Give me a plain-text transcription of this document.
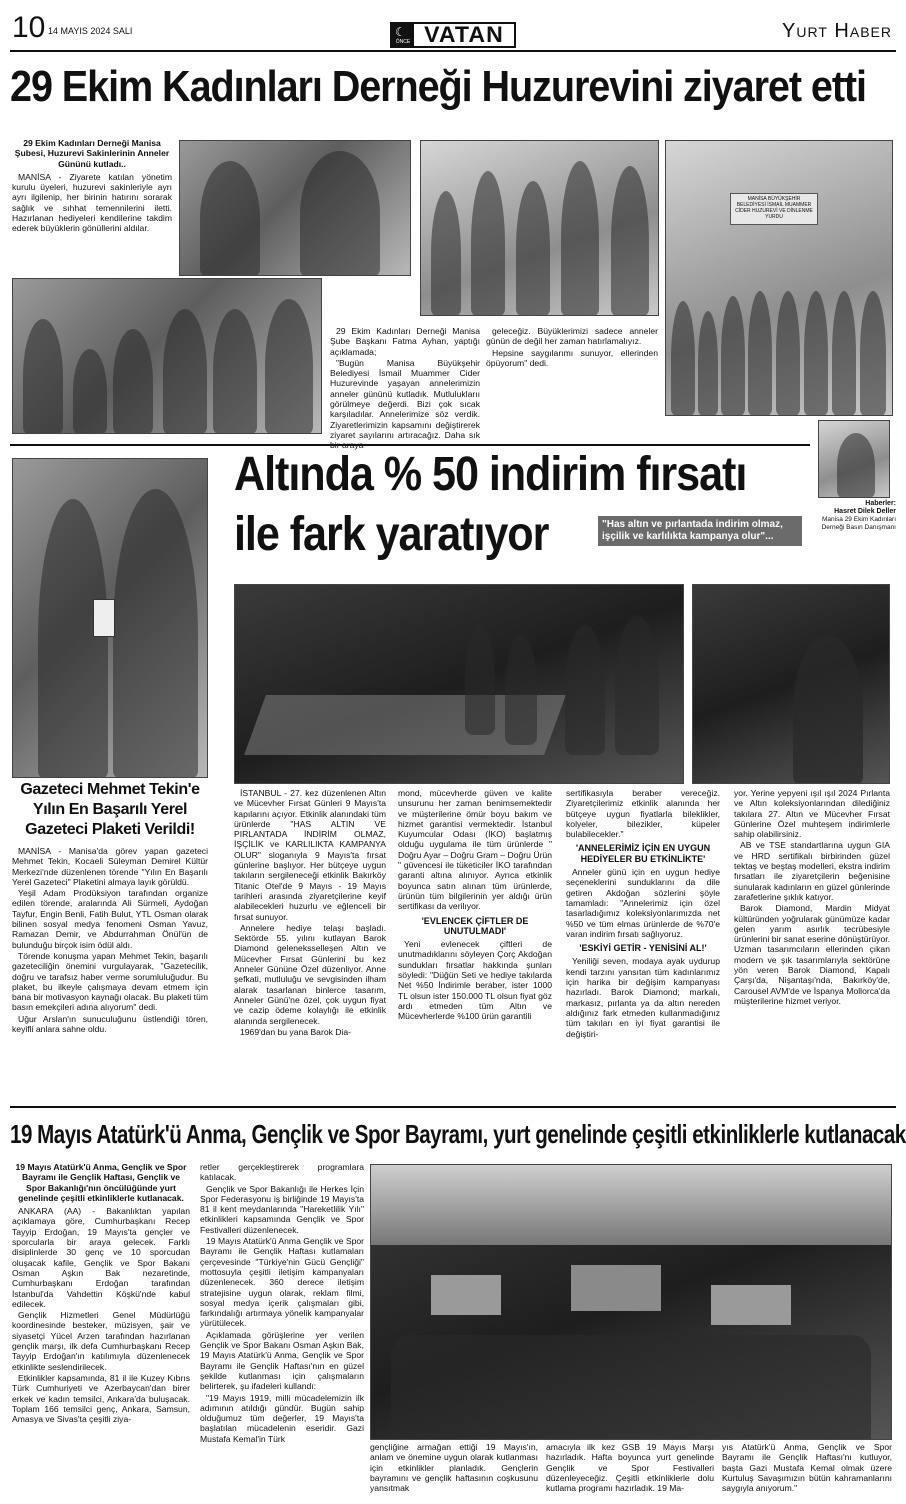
10 14 MAYIS 2024 SALI	☾
ÖNCE VATAN	Yurt Haber
29 Ekim Kadınları Derneği Huzurevini ziyaret etti

29 Ekim Kadınları Derneği Manisa Şubesi, Huzurevi Sakinlerinin Anneler Gününü kutladı..

MANİSA - Ziyarete katılan yönetim kurulu üyeleri, huzurevi sakinleriyle ayrı ayrı ilgilenip, her birinin hatırını sorarak sağlık ve sıhhat temennilerini iletti. Hazırlanan hediyeleri kendilerine takdim ederek büyüklerin gönüllerini aldılar.

MANİSA BÜYÜKŞEHİR BELEDİYESİ İSMAİL MUAMMER CİDER HUZUREVİ VE DİNLENME YURDU

29 Ekim Kadınları Derneği Manisa Şube Başkanı Fatma Ayhan, yaptığı açıklamada;

"Bugün Manisa Büyükşehir Belediyesi İsmail Muammer Cider Huzurevinde yaşayan annelerimizin anneler gününü kutladık. Mutluluklarıı görülmeye değerdi. Bizi çok sıcak karşıladılar. Annelerimize söz verdik. Ziyaretlerimizin kapsamını değiştirerek ziyaret sayılarını artıracağız. Daha sık

geleceğiz. Büyüklerimizi sadece anneler günün de değil her zaman hatırlamalıyız.

Hepsine saygılarımı sunuyor, ellerinden öpüyorum" dedi.

Haberler:
Hasret Dilek Deller
Manisa 29 Ekim Kadınları Derneği Basın Danışmanı
Gazeteci Mehmet Tekin'e Yılın En Başarılı Yerel Gazeteci Plaketi Verildi!

MANİSA - Manisa'da görev yapan gazeteci Mehmet Tekin, Kocaeli Süleyman Demirel Kültür Merkezi'nde düzenlenen törende "Yılın En Başarılı Yerel Gazeteci" Plaketini almaya layık görüldü.

Yeşil Adam Prodüksiyon tarafından organize edilen törende, aralarında Ali Sürmeli, Aydoğan Tayfur, Engin Benli, Fatih Bulut, YTL Osman olarak bilinen sosyal medya fenomeni Osman Yavuz, Ramazan Demir, ve Abdurrahman Önül'ün de bulunduğu birçok isim ödül aldı.

Törende konuşma yapan Mehmet Tekin, başarılı gazeteciliğin önemini vurgulayarak, "Gazetecilik, doğru ve tarafsız haber verme sorumluluğudur. Bu plaket, bu ilkeyle çalışmaya devam etmem için bana bir motivasyon kaynağı olacak. Bu plaketi tüm basın emekçileri adına alıyorum" dedi.

Uğur Arslan'ın sunuculuğunu üstlendiği tören, keyifli anlara sahne oldu.

Altında % 50 indirim fırsatı
ile fark yaratıyor	"Has altın ve pırlantada indirim olmaz, işçilik ve karlılıkta kampanya olur"...

İSTANBUL - 27. kez düzenlenen Altın ve Mücevher Fırsat Günleri 9 Mayıs'ta kapılarını açıyor. Etkinlik alanındaki tüm ürünlerde "HAS ALTIN VE PIRLANTADA İNDİRİM OLMAZ, İŞÇİLİK ve KARLILIKTA KAMPANYA OLUR" sloganıyla 9 Mayıs'ta fırsat günlerine başlıyor. Her bütçeye uygun takıların sergileneceği etkinlik Bakırköy Titanic Otel'de 9 Mayıs - 19 Mayıs tarihleri arasında ziyaretçilerine keyif alabilecekleri huzurlu ve eğlenceli bir fırsat sunuyor.

Annelere hediye telaşı başladı. Sektörde 55. yılını kutlayan Barok Diamond geleneksselleşen Altın ve Mücevher Fırsat Günlerini bu kez Anneler Gününe Özel düzenliyor. Anne şefkati, mutluluğu ve sevgisinden ilham alarak tasarlanan binlerce tasarım, Anneler Günü'ne özel, çok uygun fiyat ve cazip ödeme kolaylığı ile etkinlik alanında sergilenecek.

1969'dan bu yana Barok Dia-

mond, mücevherde güven ve kalite unsurunu her zaman benimsemektedir ve müşterilerine ömür boyu bakım ve hizmet garantisi vermektedir. İstanbul Kuyumcular Odası (İKO) başlatmış olduğu uygulama ile tüm ürünlerde " Doğru Ayar – Doğru Gram – Doğru Ürün " güvencesi ile tüketiciler İKO tarafından garanti altına alınıyor. Ayrıca etkinlik boyunca satın alınan tüm ürünlerde, ürünün tüm bilgilerinin yer aldığı ürün sertifikası da verilıyor.

'EVLENCEK ÇİFTLER DE UNUTULMADI'

Yeni evlenecek çiftleri de unutmadıklarını söyleyen Çorç Akdoğan sundukları fırsatlar hakkında şunları söyledi: "Düğün Seti ve hediye takılarda Net %50 İndirimle beraber, ister 1000 TL olsun ister 150.000 TL olsun fiyat göz ardı etmeden tüm Altın ve Mücevherlerde %100 ürün garantili

sertifikasıyla beraber vereceğiz. Ziyaretçilerimiz etkinlik alanında her bütçeye uygun fiyatlarla bileklikler, kolyeler, bilezikler, küpeler bulabilecekler."

'ANNELERİMİZ İÇİN EN UYGUN HEDİYELER BU ETKİNLİKTE'

Anneler günü için en uygun hediye seçeneklerini sunduklarını da dile getiren Akdoğan sözlerini şöyle tamamladı: "Annelerimiz için özel tasarladığımız koleksiyonlarımızda net %50 ve tüm elmas ürünlerde de %70'e varan indirim fırsatı sağlıyoruz.

'ESKİYİ GETİR - YENİSİNİ AL!'

Yeniliği seven, modaya ayak uydurup kendi tarzını yansıtan tüm kadınlarımız için harika bir değişim kampanyası hazırladı. Barok Diamond; markalı, markasız, pırlanta ya da altın nereden aldığınız fark etmeden kullanmadığınız tüm takıları en iyi fiyat garantisi ile değiştiri-

yor. Yerine yepyeni ışıl ışıl 2024 Pırlanta ve Altın koleksiyonlarından dilediğiniz takılara 27. Altın ve Mücevher Fırsat Günlerine Özel muhteşem indirimlerle sahip olabilirsiniz.

AB ve TSE standartlarına uygun GIA ve HRD sertifikalı birbirinden güzel tektaş ve beştaş modelleri, ekstra indirim fırsatları ile ziyaretçilerin beğenisine sunularak kadınların en güzel günlerinde zarafetlerine şıklık katıyor.

Barok Diamond, Mardin Midyat kültüründen yoğrularak günümüze kadar gelen yarım asırlık tecrübesiyle ürünlerini bir sanat eserine dönüştürüyor. Uzman tasarımcıların ellerinden çıkan modern ve şık tasarımlarıyla sektörüne yön veren Barok Diamond, Kapalı Çarşı'da, Nişantaşı'nda, Bakırköy'de, Carousel AVM'de ve İspanya Mollorca'da müşterilerine hizmet veriyor.

19 Mayıs Atatürk'ü Anma, Gençlik ve Spor Bayramı, yurt genelinde çeşitli etkinliklerle kutlanacak

19 Mayıs Atatürk'ü Anma, Gençlik ve Spor Bayramı ile Gençlik Haftası, Gençlik ve Spor Bakanlığı'nın öncülüğünde yurt genelinde çeşitli etkinliklerle kutlanacak.

ANKARA (AA) - Bakanlıktan yapılan açıklamaya göre, Cumhurbaşkanı Recep Tayyip Erdoğan, 19 Mayıs'ta gençler ve sporcularla bir araya gelecek. Farklı disiplinlerde 30 genç ve 10 sporcudan oluşacak kafile, Gençlik ve Spor Bakanı Osman Aşkın Bak nezaretinde, Cumhurbaşkanı Erdoğan tarafından İstanbul'da Vahdettin Köşkü'nde kabul edilecek.

Gençlik Hizmetleri Genel Müdürlüğü koordinesinde besteker, müzisyen, şair ve siyasetçi Yücel Arzen tarafından hazırlanan gençlik marşı, ilk defa Cumhurbaşkanı Recep Tayyip Erdoğan'ın katılımıyla düzenlenecek etkinlikte seslendirilecek.

Etkinlikler kapsamında, 81 il ile Kuzey Kıbrıs Türk Cumhuriyeti ve Azerbaycan'dan birer erkek ve kadın temsilci, Ankara'da buluşacak. Toplam 166 temsilci genç, Ankara, Samsun, Amasya ve Sivas'ta çeşitli ziya-

retler gerçekleştirerek programlara katılacak.

Gençlik ve Spor Bakanlığı ile Herkes İçin Spor Federasyonu iş birliğinde 19 Mayıs'ta 81 il kent meydanlarında "Hareketlilik Yılı" etkinlikleri kapsamında Gençlik ve Spor Festivalleri düzenlenecek.

19 Mayıs Atatürk'ü Anma Gençlik ve Spor Bayramı ile Gençlik Haftası kutlamaları çerçevesinde "Türkiye'nin Gücü Gençliği" mottosuyla çeşitli iletişim kampanyaları düzenlenecek. 360 derece iletişim stratejisine uygun olarak, reklam filmi, sosyal medya içerik çalışmaları gibi, farkındalığı artırmaya yönelik kampanyalar yürütülecek.

Açıklamada görüşlerine yer verilen Gençlik ve Spor Bakanı Osman Aşkın Bak, 19 Mayıs Atatürk'ü Anma, Gençlik ve Spor Bayramı ile Gençlik Haftası'nın en güzel şekilde kutlanması için çalışmaların belirterek, şu ifadeleri kullandı:

"19 Mayıs 1919, milli mücadelemizin ilk adımının atıldığı gündür. Bugün sahip olduğumuz tüm değerler, 19 Mayıs'ta başlatılan mücadelenin eseridir. Gazi Mustafa Kemal'in Türk

gençliğine armağan ettiği 19 Mayıs'ın, anlam ve önemine uygun olarak kutlanması için etkinlikler planladık. Gençlerin bayramını ve gençlik haftasının coşkusunu yansıtmak

amacıyla ilk kez GSB 19 Mayıs Marşı hazırladık. Hafta boyunca yurt genelinde Gençlik ve Spor Festivalleri düzenleyeceğiz. Çeşitli etkinliklerle dolu kutlama programı hazırladık. 19 Ma-

yıs Atatürk'ü Anma, Gençlik ve Spor Bayramı ile Gençlik Haftası'nı kutluyor, başta Gazi Mustafa Kemal olmak üzere Kurtuluş Savaşımızın bütün kahramanlarını saygıyla anıyorum."
